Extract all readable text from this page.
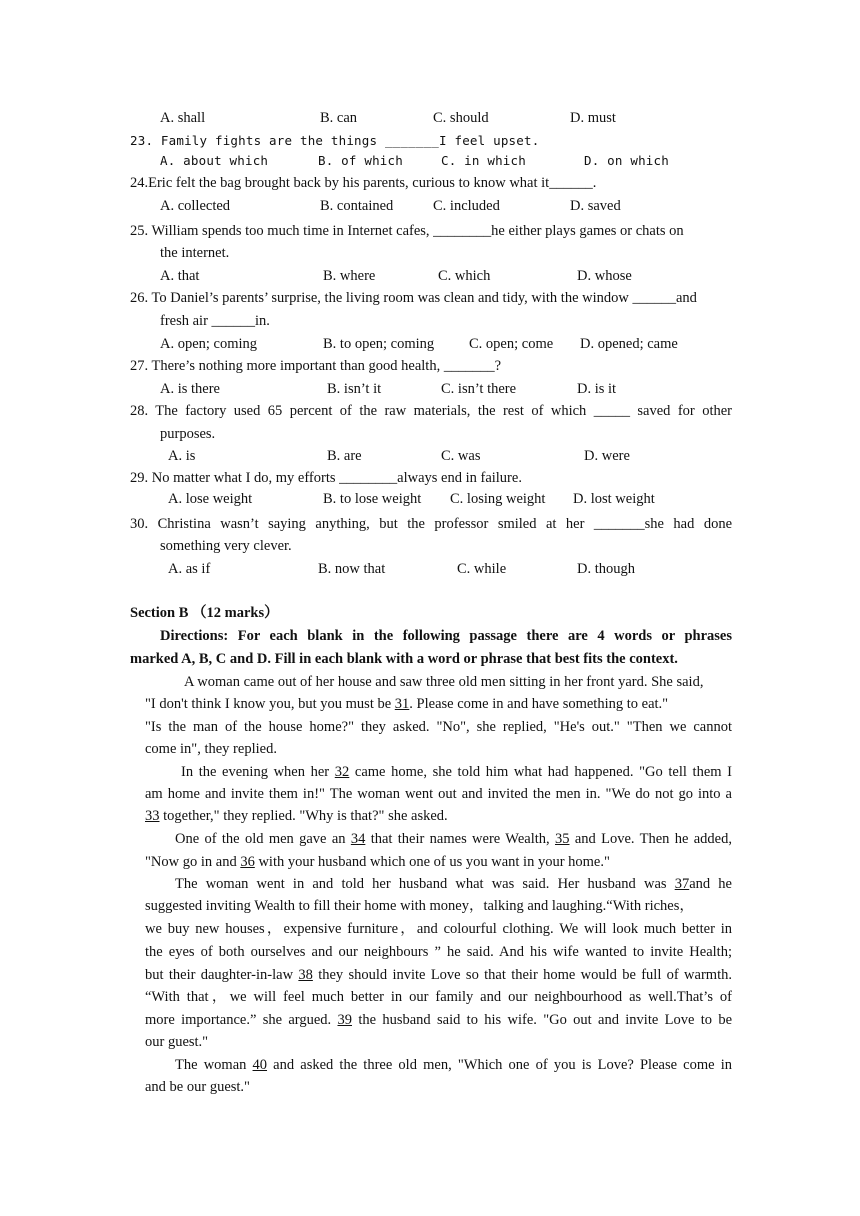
A. shall	B. can	C. should	D. must
23. Family fights are the things _______I feel upset.
A. about which	B. of which	C. in which	D. on which
24.Eric felt the bag brought back by his parents, curious to know what it______.
A. collected	B. contained	C. included	D. saved
25. William spends too much time in Internet cafes, ________he either plays games or chats on
the internet.
A. that	B. where	C. which	D. whose
26. To Daniel’s parents’ surprise, the living room was clean and tidy, with the window ______and
fresh air ______in.
A. open; coming	B. to open; coming C. open; come D. opened; came
27. There’s nothing more important than good health, _______?
A. is there	B. isn’t it	C. isn’t there	D. is it
28. The factory used 65 percent of the raw materials, the rest of which _____ saved for other
purposes.
A. is	B. are	C. was	D. were
29. No matter what I do, my efforts ________always end in failure.
A. lose weight	B. to lose weight C. losing weight D. lost weight
30. Christina wasn’t saying anything, but the professor smiled at her _______she had done
something very clever.
A. as if	B. now that	C. while	D. though
Section B （12 marks）
Directions: For each blank in the following passage there are 4 words or phrases
marked A, B, C and D. Fill in each blank with a word or phrase that best fits the context.
A woman came out of her house and saw three old men sitting in her front yard. She said,
"I don't think I know you, but you must be 31. Please come in and have something to eat."
"Is the man of the house home?" they asked. "No", she replied, "He's out." "Then we cannot
come in", they replied.
In the evening when her 32 came home, she told him what had happened. "Go tell them I
am home and invite them in!" The woman went out and invited the men in. "We do not go into a
33 together," they replied. "Why is that?" she asked.
One of the old men gave an 34 that their names were Wealth, 35 and Love. Then he added,
"Now go in and 36 with your husband which one of us you want in your home."
The woman went in and told her husband what was said. Her husband was 37and he
suggested inviting Wealth to fill their home with money，talking and laughing.“With riches，
we buy new houses，expensive furniture，and colourful clothing. We will look much better in
the eyes of both ourselves and our neighbours ” he said. And his wife wanted to invite Health;
but their daughter-in-law 38 they should invite Love so that their home would be full of warmth.
“With that，we will feel much better in our family and our neighbourhood as well.That’s of
more importance.” she argued. 39 the husband said to his wife. "Go out and invite Love to be
our guest."
The woman 40 and asked the three old men, "Which one of you is Love? Please come in
and be our guest."
